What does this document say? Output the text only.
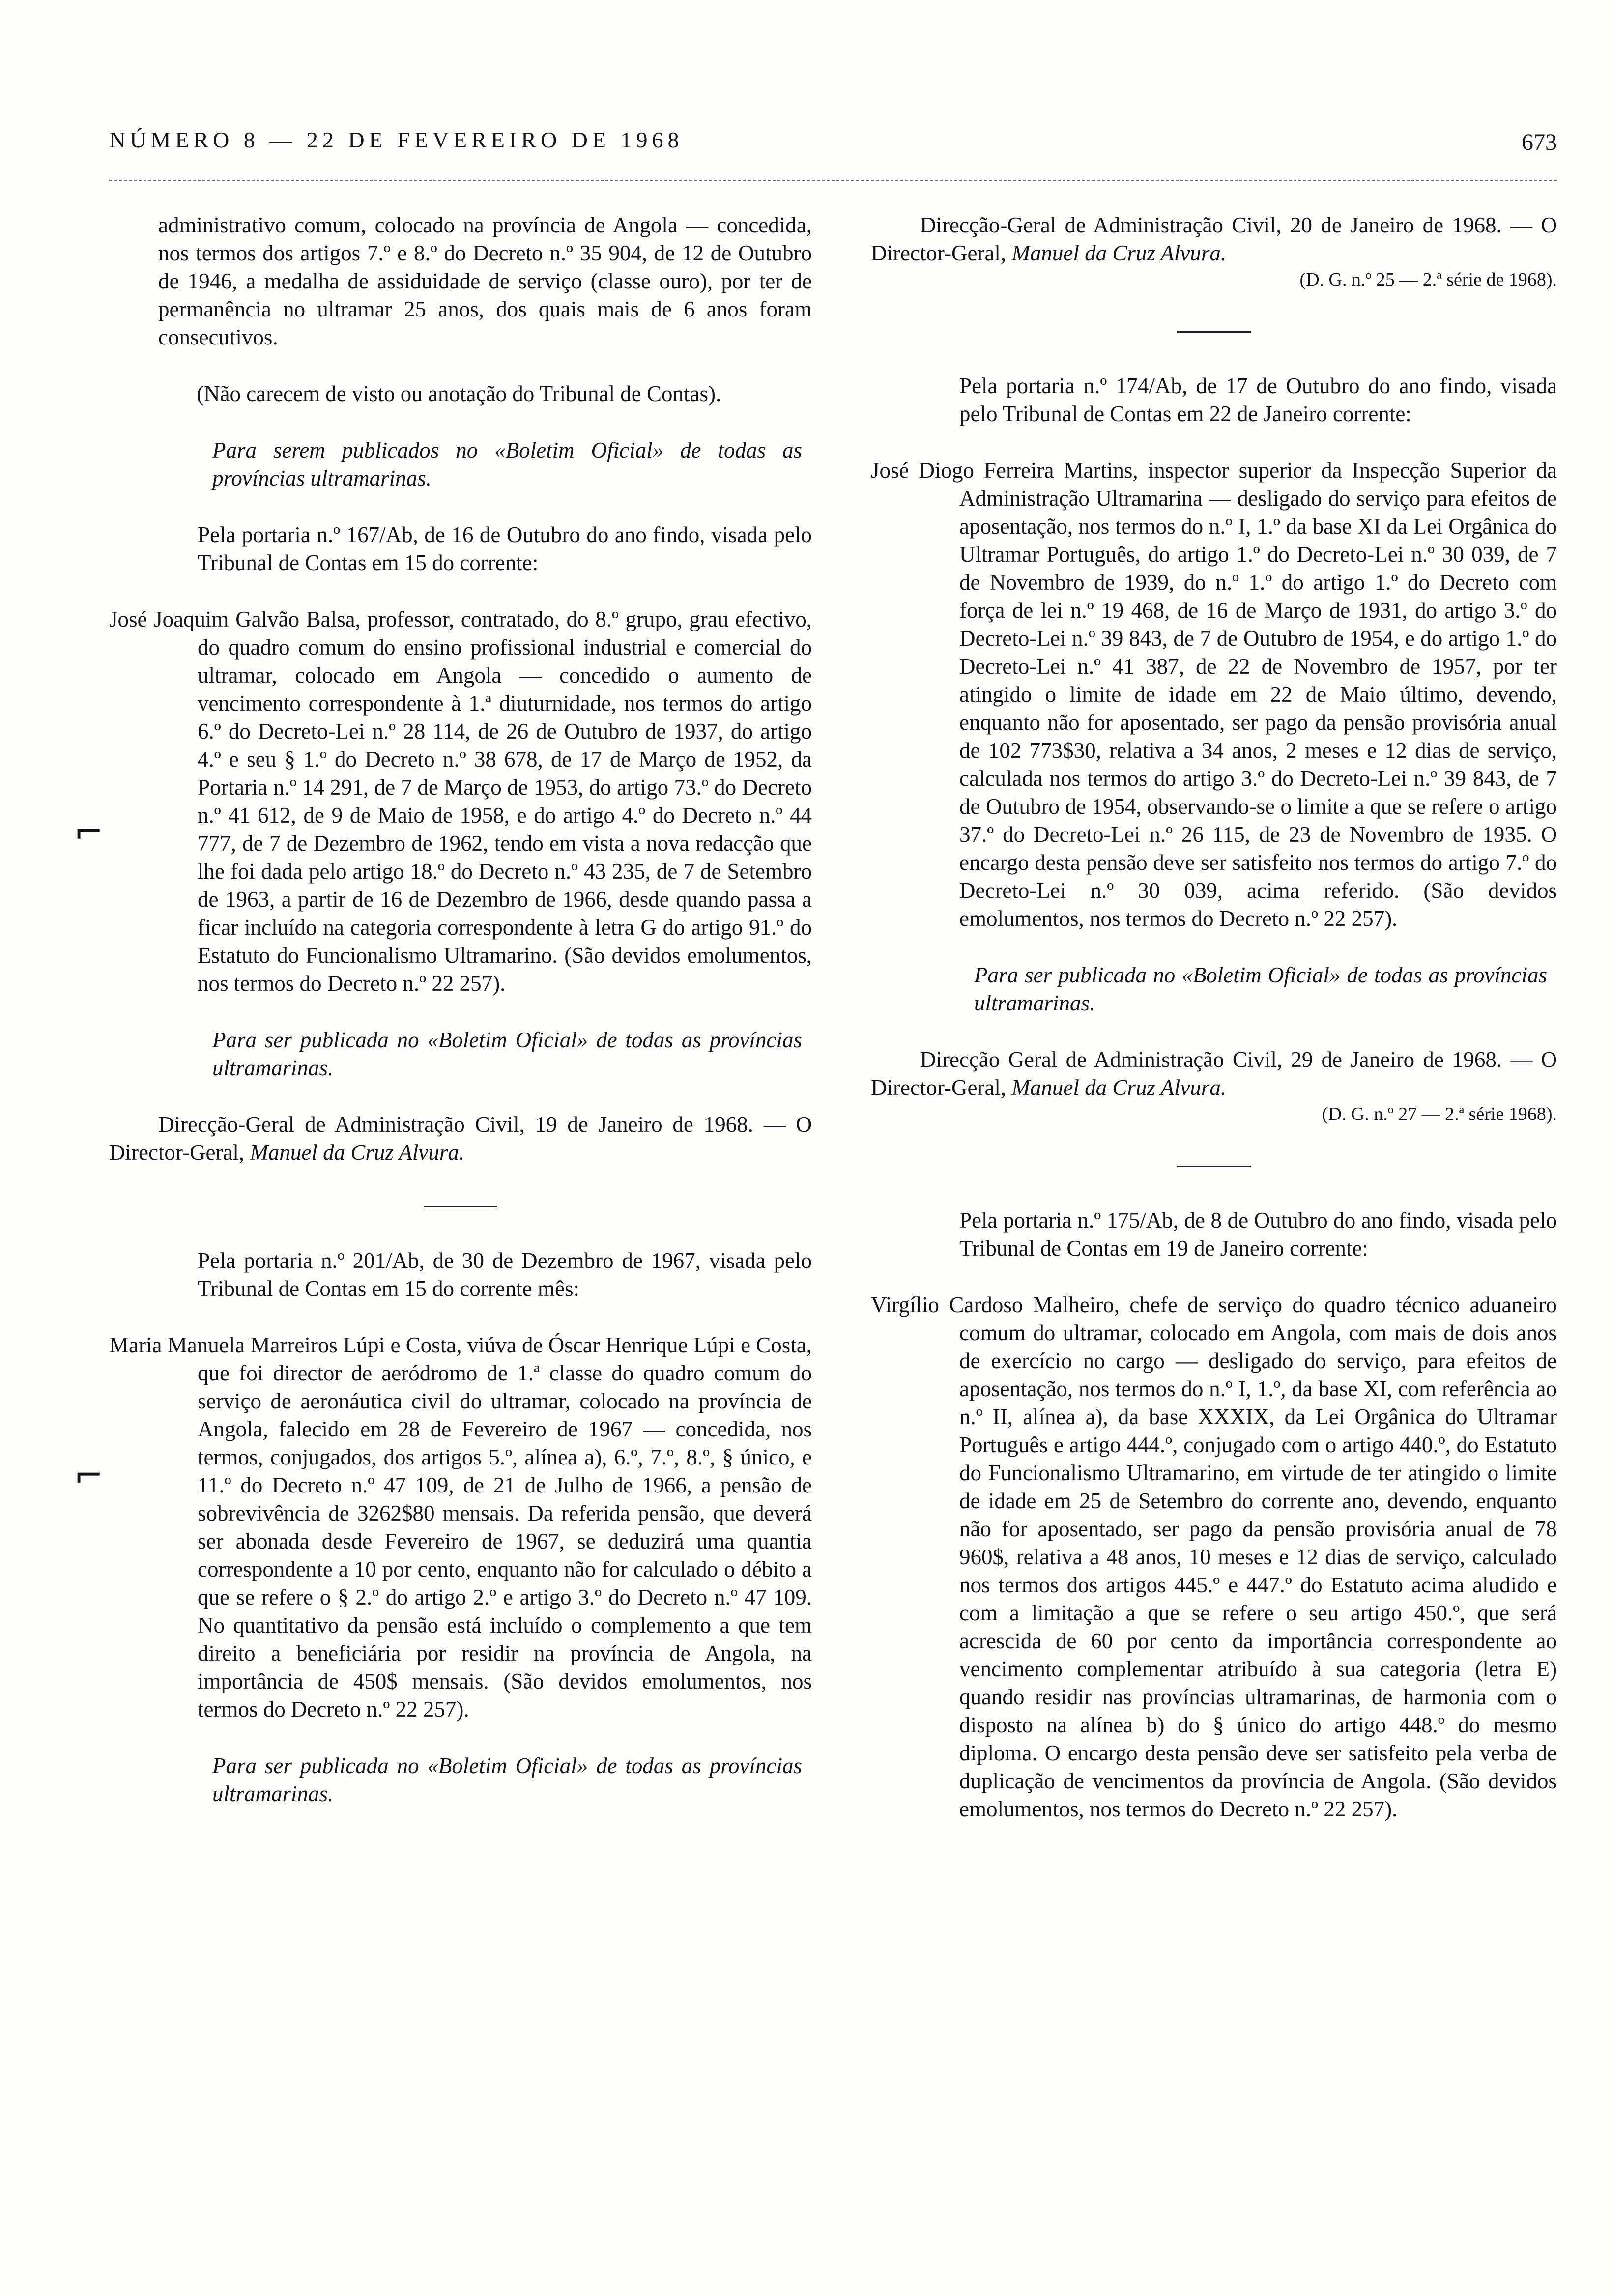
NÚMERO 8 — 22 DE FEVEREIRO DE 1968	673
⌐
⌐

administrativo comum, colocado na província de Angola — concedida, nos termos dos artigos 7.º e 8.º do Decreto n.º 35 904, de 12 de Outubro de 1946, a medalha de assiduidade de serviço (classe ouro), por ter de permanência no ultramar 25 anos, dos quais mais de 6 anos foram consecutivos.

(Não carecem de visto ou anotação do Tribunal de Contas).

Para serem publicados no «Boletim Oficial» de todas as províncias ultramarinas.

Pela portaria n.º 167/Ab, de 16 de Outubro do ano findo, visada pelo Tribunal de Contas em 15 do corrente:

José Joaquim Galvão Balsa, professor, contratado, do 8.º grupo, grau efectivo, do quadro comum do ensino profissional industrial e comercial do ultramar, colocado em Angola — concedido o aumento de vencimento correspondente à 1.ª diuturnidade, nos termos do artigo 6.º do Decreto-Lei n.º 28 114, de 26 de Outubro de 1937, do artigo 4.º e seu § 1.º do Decreto n.º 38 678, de 17 de Março de 1952, da Portaria n.º 14 291, de 7 de Março de 1953, do artigo 73.º do Decreto n.º 41 612, de 9 de Maio de 1958, e do artigo 4.º do Decreto n.º 44 777, de 7 de Dezembro de 1962, tendo em vista a nova redacção que lhe foi dada pelo artigo 18.º do Decreto n.º 43 235, de 7 de Setembro de 1963, a partir de 16 de Dezembro de 1966, desde quando passa a ficar incluído na categoria correspondente à letra G do artigo 91.º do Estatuto do Funcionalismo Ultramarino. (São devidos emolumentos, nos termos do Decreto n.º 22 257).

Para ser publicada no «Boletim Oficial» de todas as províncias ultramarinas.

Direcção-Geral de Administração Civil, 19 de Janeiro de 1968. — O Director-Geral, Manuel da Cruz Alvura.

Pela portaria n.º 201/Ab, de 30 de Dezembro de 1967, visada pelo Tribunal de Contas em 15 do corrente mês:

Maria Manuela Marreiros Lúpi e Costa, viúva de Óscar Henrique Lúpi e Costa, que foi director de aeródromo de 1.ª classe do quadro comum do serviço de aeronáutica civil do ultramar, colocado na província de Angola, falecido em 28 de Fevereiro de 1967 — concedida, nos termos, conjugados, dos artigos 5.º, alínea a), 6.º, 7.º, 8.º, § único, e 11.º do Decreto n.º 47 109, de 21 de Julho de 1966, a pensão de sobrevivência de 3262$80 mensais. Da referida pensão, que deverá ser abonada desde Fevereiro de 1967, se deduzirá uma quantia correspondente a 10 por cento, enquanto não for calculado o débito a que se refere o § 2.º do artigo 2.º e artigo 3.º do Decreto n.º 47 109. No quantitativo da pensão está incluído o complemento a que tem direito a beneficiária por residir na província de Angola, na importância de 450$ mensais. (São devidos emolumentos, nos termos do Decreto n.º 22 257).

Para ser publicada no «Boletim Oficial» de todas as províncias ultramarinas.

Direcção-Geral de Administração Civil, 20 de Janeiro de 1968. — O Director-Geral, Manuel da Cruz Alvura.

(D. G. n.º 25 — 2.ª série de 1968).

Pela portaria n.º 174/Ab, de 17 de Outubro do ano findo, visada pelo Tribunal de Contas em 22 de Janeiro corrente:

José Diogo Ferreira Martins, inspector superior da Inspecção Superior da Administração Ultramarina — desligado do serviço para efeitos de aposentação, nos termos do n.º I, 1.º da base XI da Lei Orgânica do Ultramar Português, do artigo 1.º do Decreto-Lei n.º 30 039, de 7 de Novembro de 1939, do n.º 1.º do artigo 1.º do Decreto com força de lei n.º 19 468, de 16 de Março de 1931, do artigo 3.º do Decreto-Lei n.º 39 843, de 7 de Outubro de 1954, e do artigo 1.º do Decreto-Lei n.º 41 387, de 22 de Novembro de 1957, por ter atingido o limite de idade em 22 de Maio último, devendo, enquanto não for aposentado, ser pago da pensão provisória anual de 102 773$30, relativa a 34 anos, 2 meses e 12 dias de serviço, calculada nos termos do artigo 3.º do Decreto-Lei n.º 39 843, de 7 de Outubro de 1954, observando-se o limite a que se refere o artigo 37.º do Decreto-Lei n.º 26 115, de 23 de Novembro de 1935. O encargo desta pensão deve ser satisfeito nos termos do artigo 7.º do Decreto-Lei n.º 30 039, acima referido. (São devidos emolumentos, nos termos do Decreto n.º 22 257).

Para ser publicada no «Boletim Oficial» de todas as províncias ultramarinas.

Direcção Geral de Administração Civil, 29 de Janeiro de 1968. — O Director-Geral, Manuel da Cruz Alvura.

(D. G. n.º 27 — 2.ª série 1968).

Pela portaria n.º 175/Ab, de 8 de Outubro do ano findo, visada pelo Tribunal de Contas em 19 de Janeiro corrente:

Virgílio Cardoso Malheiro, chefe de serviço do quadro técnico aduaneiro comum do ultramar, colocado em Angola, com mais de dois anos de exercício no cargo — desligado do serviço, para efeitos de aposentação, nos termos do n.º I, 1.º, da base XI, com referência ao n.º II, alínea a), da base XXXIX, da Lei Orgânica do Ultramar Português e artigo 444.º, conjugado com o artigo 440.º, do Estatuto do Funcionalismo Ultramarino, em virtude de ter atingido o limite de idade em 25 de Setembro do corrente ano, devendo, enquanto não for aposentado, ser pago da pensão provisória anual de 78 960$, relativa a 48 anos, 10 meses e 12 dias de serviço, calculado nos termos dos artigos 445.º e 447.º do Estatuto acima aludido e com a limitação a que se refere o seu artigo 450.º, que será acrescida de 60 por cento da importância correspondente ao vencimento complementar atribuído à sua categoria (letra E) quando residir nas províncias ultramarinas, de harmonia com o disposto na alínea b) do § único do artigo 448.º do mesmo diploma. O encargo desta pensão deve ser satisfeito pela verba de duplicação de vencimentos da província de Angola. (São devidos emolumentos, nos termos do Decreto n.º 22 257).
